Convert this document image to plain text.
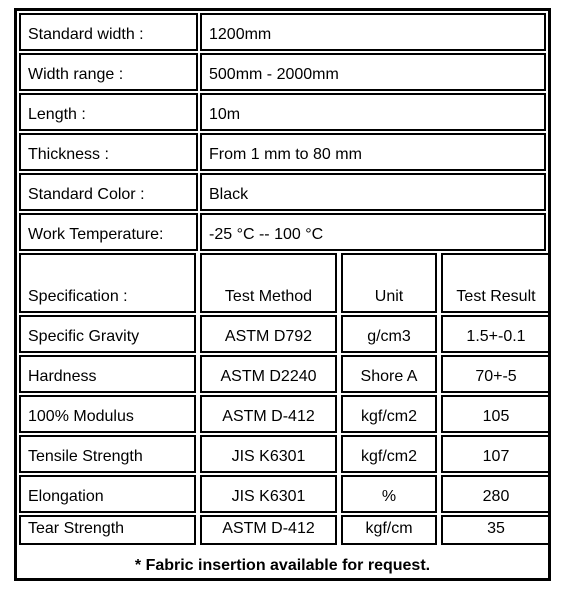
* Fabric insertion available for request.
Standard width :	1200mm
Width range :	500mm - 2000mm
Length :	10m
Thickness :	From 1 mm to 80 mm
Standard Color :	Black
Work Temperature:	-25 °C -- 100 °C
Specification :	Test Method	Unit	Test Result
Specific Gravity	ASTM D792	g/cm3	1.5+-0.1
Hardness	ASTM D2240	Shore A	70+-5
100% Modulus	ASTM D-412	kgf/cm2	105
Tensile Strength	JIS K6301	kgf/cm2	107
Elongation	JIS K6301	%	280
Tear Strength	ASTM D-412	kgf/cm	35
